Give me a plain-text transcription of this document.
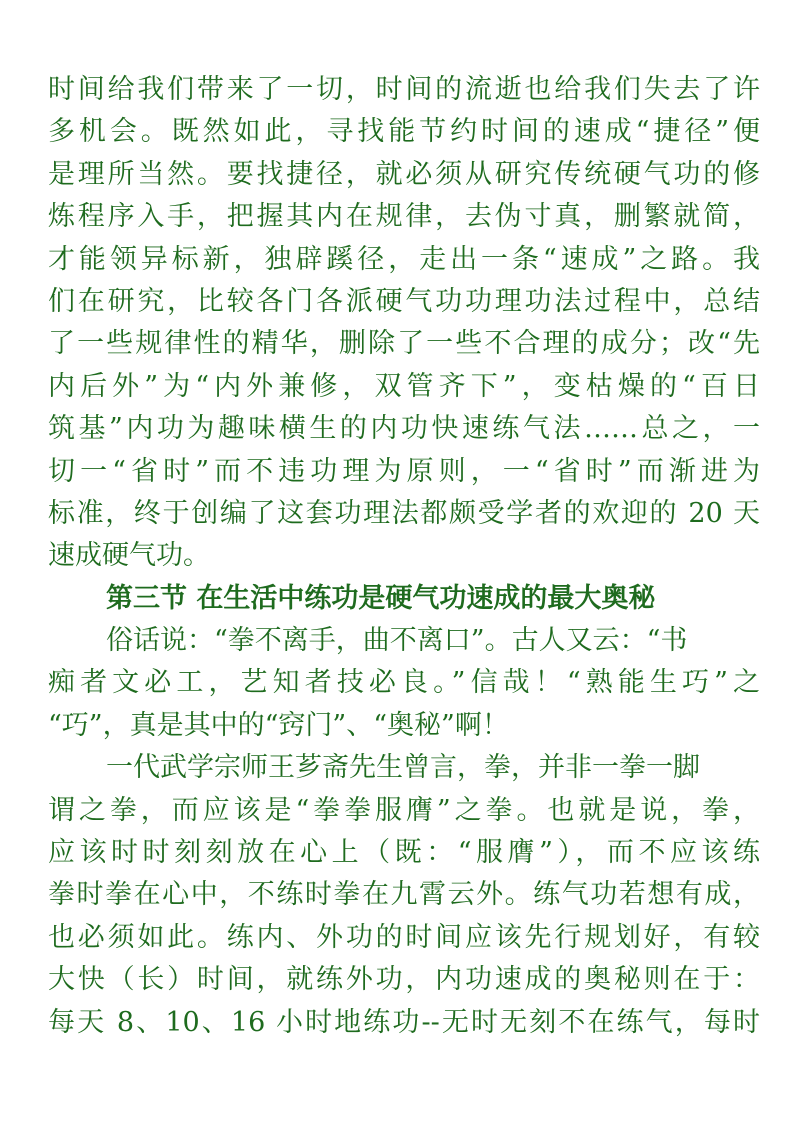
时间给我们带来了一切，时间的流逝也给我们失去了许
多机会。既然如此，寻找能节约时间的速成“捷径”便
是理所当然。要找捷径，就必须从研究传统硬气功的修
炼程序入手，把握其内在规律，去伪寸真，删繁就简，
才能领异标新，独辟蹊径，走出一条“速成”之路。我
们在研究，比较各门各派硬气功功理功法过程中，总结
了一些规律性的精华，删除了一些不合理的成分；改“先
内后外”为“内外兼修，双管齐下”，变枯燥的“百日
筑基”内功为趣味横生的内功快速练气法……总之，一
切一“省时”而不违功理为原则，一“省时”而渐进为
标准，终于创编了这套功理法都颇受学者的欢迎的 20 天
速成硬气功。
第三节 在生活中练功是硬气功速成的最大奥秘
俗话说：“拳不离手，曲不离口”。古人又云：“书
痴者文必工，艺知者技必良。”信哉！“熟能生巧”之
“巧”，真是其中的“窍门”、“奥秘”啊！
一代武学宗师王芗斋先生曾言，拳，并非一拳一脚
谓之拳，而应该是“拳拳服膺”之拳。也就是说，拳，
应该时时刻刻放在心上（既：“服膺”），而不应该练
拳时拳在心中，不练时拳在九霄云外。练气功若想有成，
也必须如此。练内、外功的时间应该先行规划好，有较
大快（长）时间，就练外功，内功速成的奥秘则在于：
每天 8、10、16 小时地练功--无时无刻不在练气，每时
